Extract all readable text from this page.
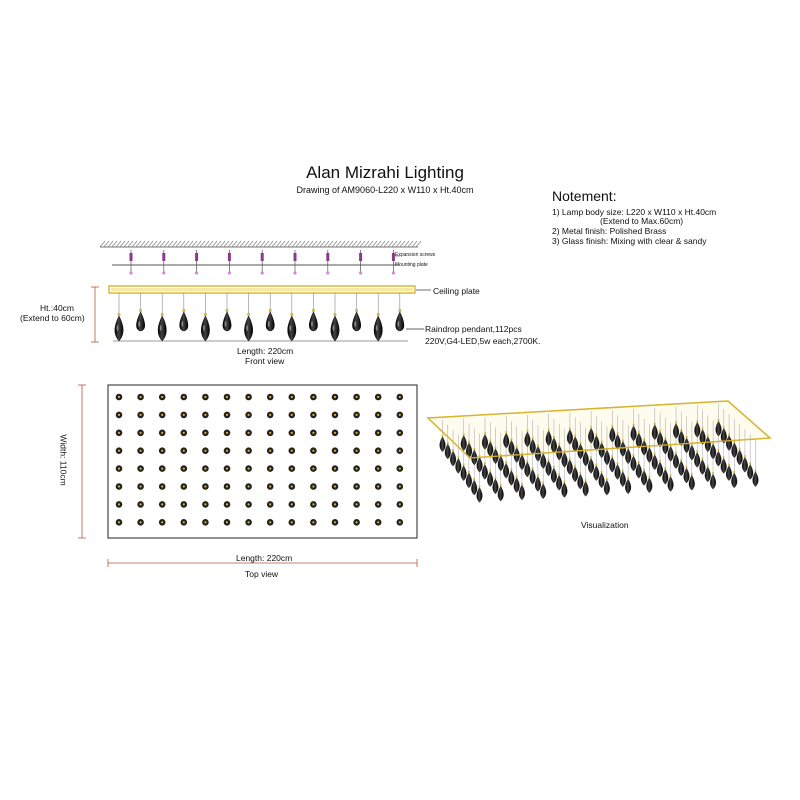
Alan Mizrahi Lighting
Drawing of AM9060-L220 x W110 x Ht.40cm	Notement:
1) Lamp body size: L220 x W110 x Ht.40cm
(Extend to Max.60cm)
2) Metal finish: Polished Brass
3) Glass finish: Mixing with clear & sandy
Expansion screws
Mounting plate
Ceiling plate
Ht.:40cm
(Extend to 60cm)
Raindrop pendant,112pcs
220V,G4-LED,5w each,2700K.
Length: 220cm
Front view
Width: 110cm
Length: 220cm
Top view
Visualization
